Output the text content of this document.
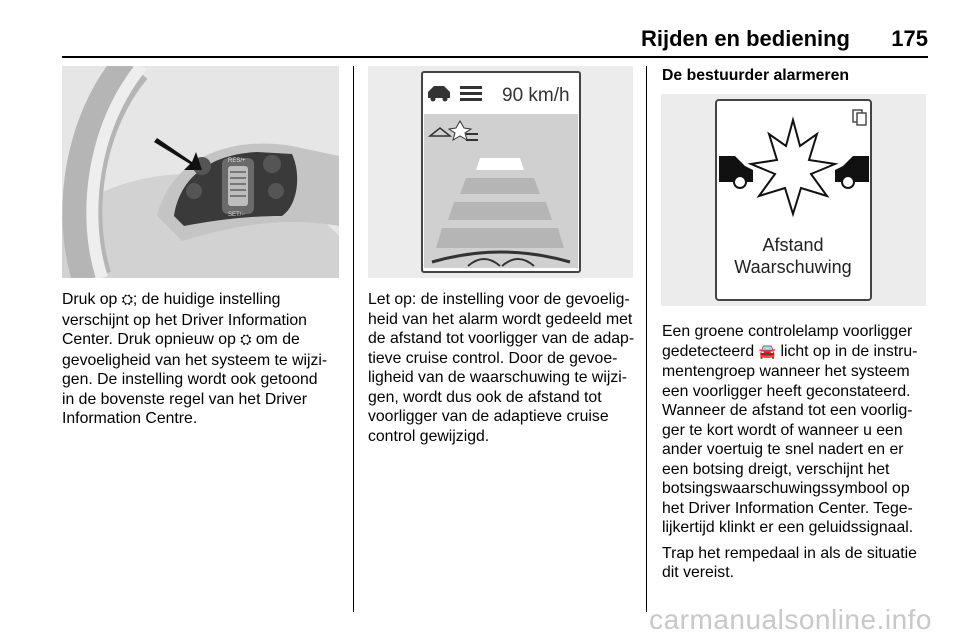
Rijden en bediening	175
RES/+
SET/−
90 km/h
Afstand
Waarschuwing
Druk op ⛭; de huidige instelling
verschijnt op het Driver Information
Center. Druk opnieuw op ⛭ om de
gevoeligheid van het systeem te wijzi-
gen. De instelling wordt ook getoond
in de bovenste regel van het Driver
Information Centre.
Let op: de instelling voor de gevoelig-
heid van het alarm wordt gedeeld met
de afstand tot voorligger van de adap-
tieve cruise control. Door de gevoe-
ligheid van de waarschuwing te wijzi-
gen, wordt dus ook de afstand tot
voorligger van de adaptieve cruise
control gewijzigd.
De bestuurder alarmeren
Een groene controlelamp voorligger
gedetecteerd 🚘 licht op in de instru-
mentengroep wanneer het systeem
een voorligger heeft geconstateerd.
Wanneer de afstand tot een voorlig-
ger te kort wordt of wanneer u een
ander voertuig te snel nadert en er
een botsing dreigt, verschijnt het
botsingswaarschuwingssymbool op
het Driver Information Center. Tege-
lijkertijd klinkt er een geluidssignaal.
Trap het rempedaal in als de situatie
dit vereist.
carmanualsonline.info
